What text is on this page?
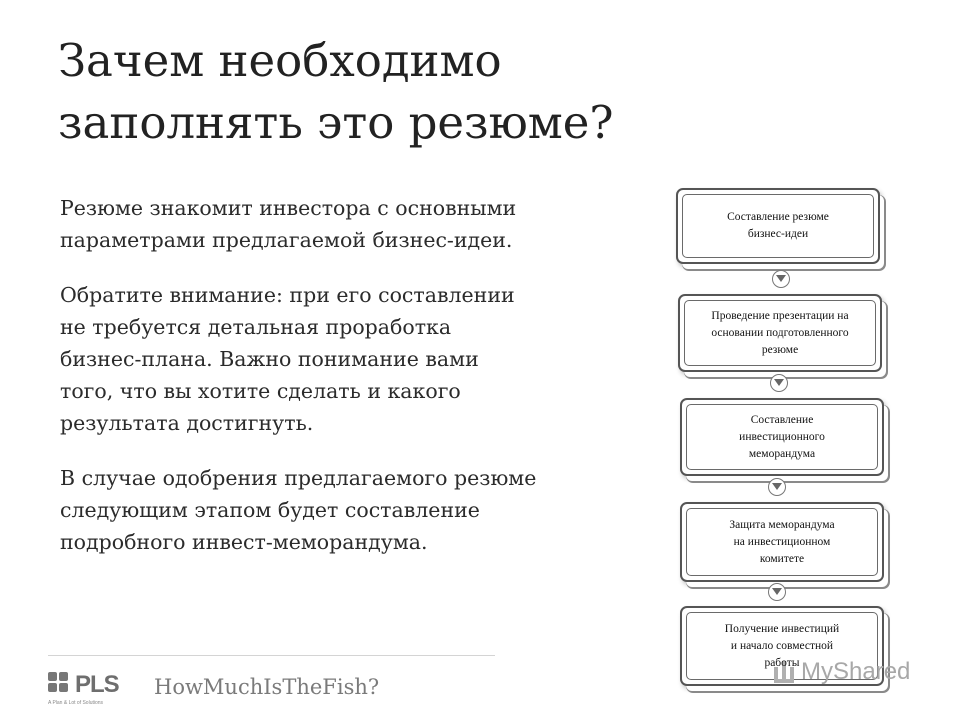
Зачем необходимо
заполнять это резюме?

Резюме знакомит инвестора с основными
параметрами предлагаемой бизнес-идеи.

Обратите внимание: при его составлении
не требуется детальная проработка
бизнес-плана. Важно понимание вами
того, что вы хотите сделать и какого
результата достигнуть.

В случае одобрения предлагаемого резюме
следующим этапом будет составление
подробного инвест-меморандума.

Составление резюме
бизнес-идеи
Проведение презентации на
основании подготовленного
резюме
Составление
инвестиционного
меморандума
Защита меморандума
на инвестиционном
комитете
Получение инвестиций
и начало совместной
работы
PLS
A Plan & Lot of Solutions
HowMuchIsTheFish?
MyShared
